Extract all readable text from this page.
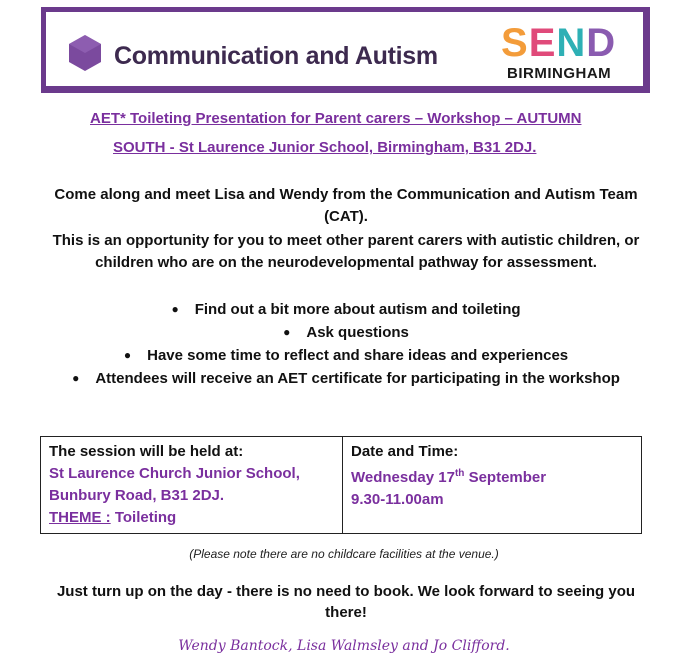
Communication and Autism SEND
BIRMINGHAM
AET* Toileting Presentation for Parent carers – Workshop – AUTUMN
SOUTH - St Laurence Junior School, Birmingham, B31 2DJ.
Come along and meet Lisa and Wendy from the Communication and Autism Team (CAT).
This is an opportunity for you to meet other parent carers with autistic children, or children who are on the neurodevelopmental pathway for assessment.
● Find out a bit more about autism and toileting
● Ask questions
● Have some time to reflect and share ideas and experiences
● Attendees will receive an AET certificate for participating in the workshop
The session will be held at:
St Laurence Church Junior School,
Bunbury Road, B31 2DJ.
THEME : Toileting

Date and Time:
Wednesday 17th September
9.30-11.00am
(Please note there are no childcare facilities at the venue.)
Just turn up on the day - there is no need to book. We look forward to seeing you there!
Wendy Bantock, Lisa Walmsley and Jo Clifford.
